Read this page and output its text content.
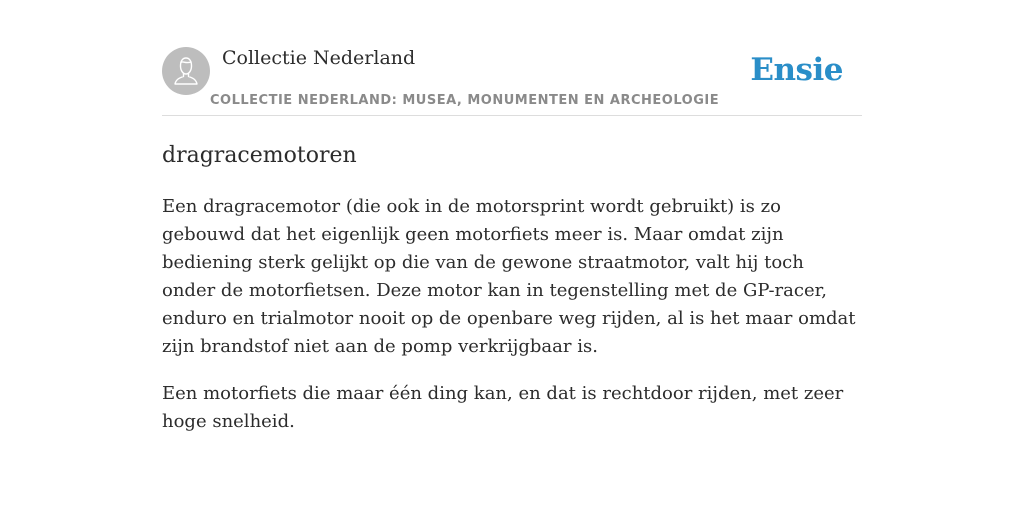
Collectie Nederland
COLLECTIE NEDERLAND: MUSEA, MONUMENTEN EN ARCHEOLOGIE
Ensie
dragracemotoren

Een dragracemotor (die ook in de motorsprint wordt gebruikt) is zo gebouwd dat het eigenlijk geen motorfiets meer is. Maar omdat zijn bediening sterk gelijkt op die van de gewone straatmotor, valt hij toch onder de motorfietsen. Deze motor kan in tegenstelling met de GP-racer, enduro en trialmotor nooit op de openbare weg rijden, al is het maar omdat zijn brandstof niet aan de pomp verkrijgbaar is.

Een motorfiets die maar één ding kan, en dat is rechtdoor rijden, met zeer hoge snelheid.
